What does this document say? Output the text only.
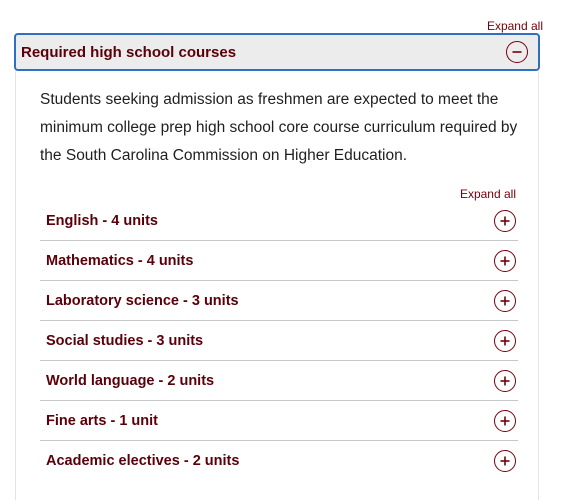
Expand all
Required high school courses
Students seeking admission as freshmen are expected to meet the minimum college prep high school core course curriculum required by the South Carolina Commission on Higher Education.
Expand all
English - 4 units
Mathematics - 4 units
Laboratory science - 3 units
Social studies - 3 units
World language - 2 units
Fine arts - 1 unit
Academic electives - 2 units
